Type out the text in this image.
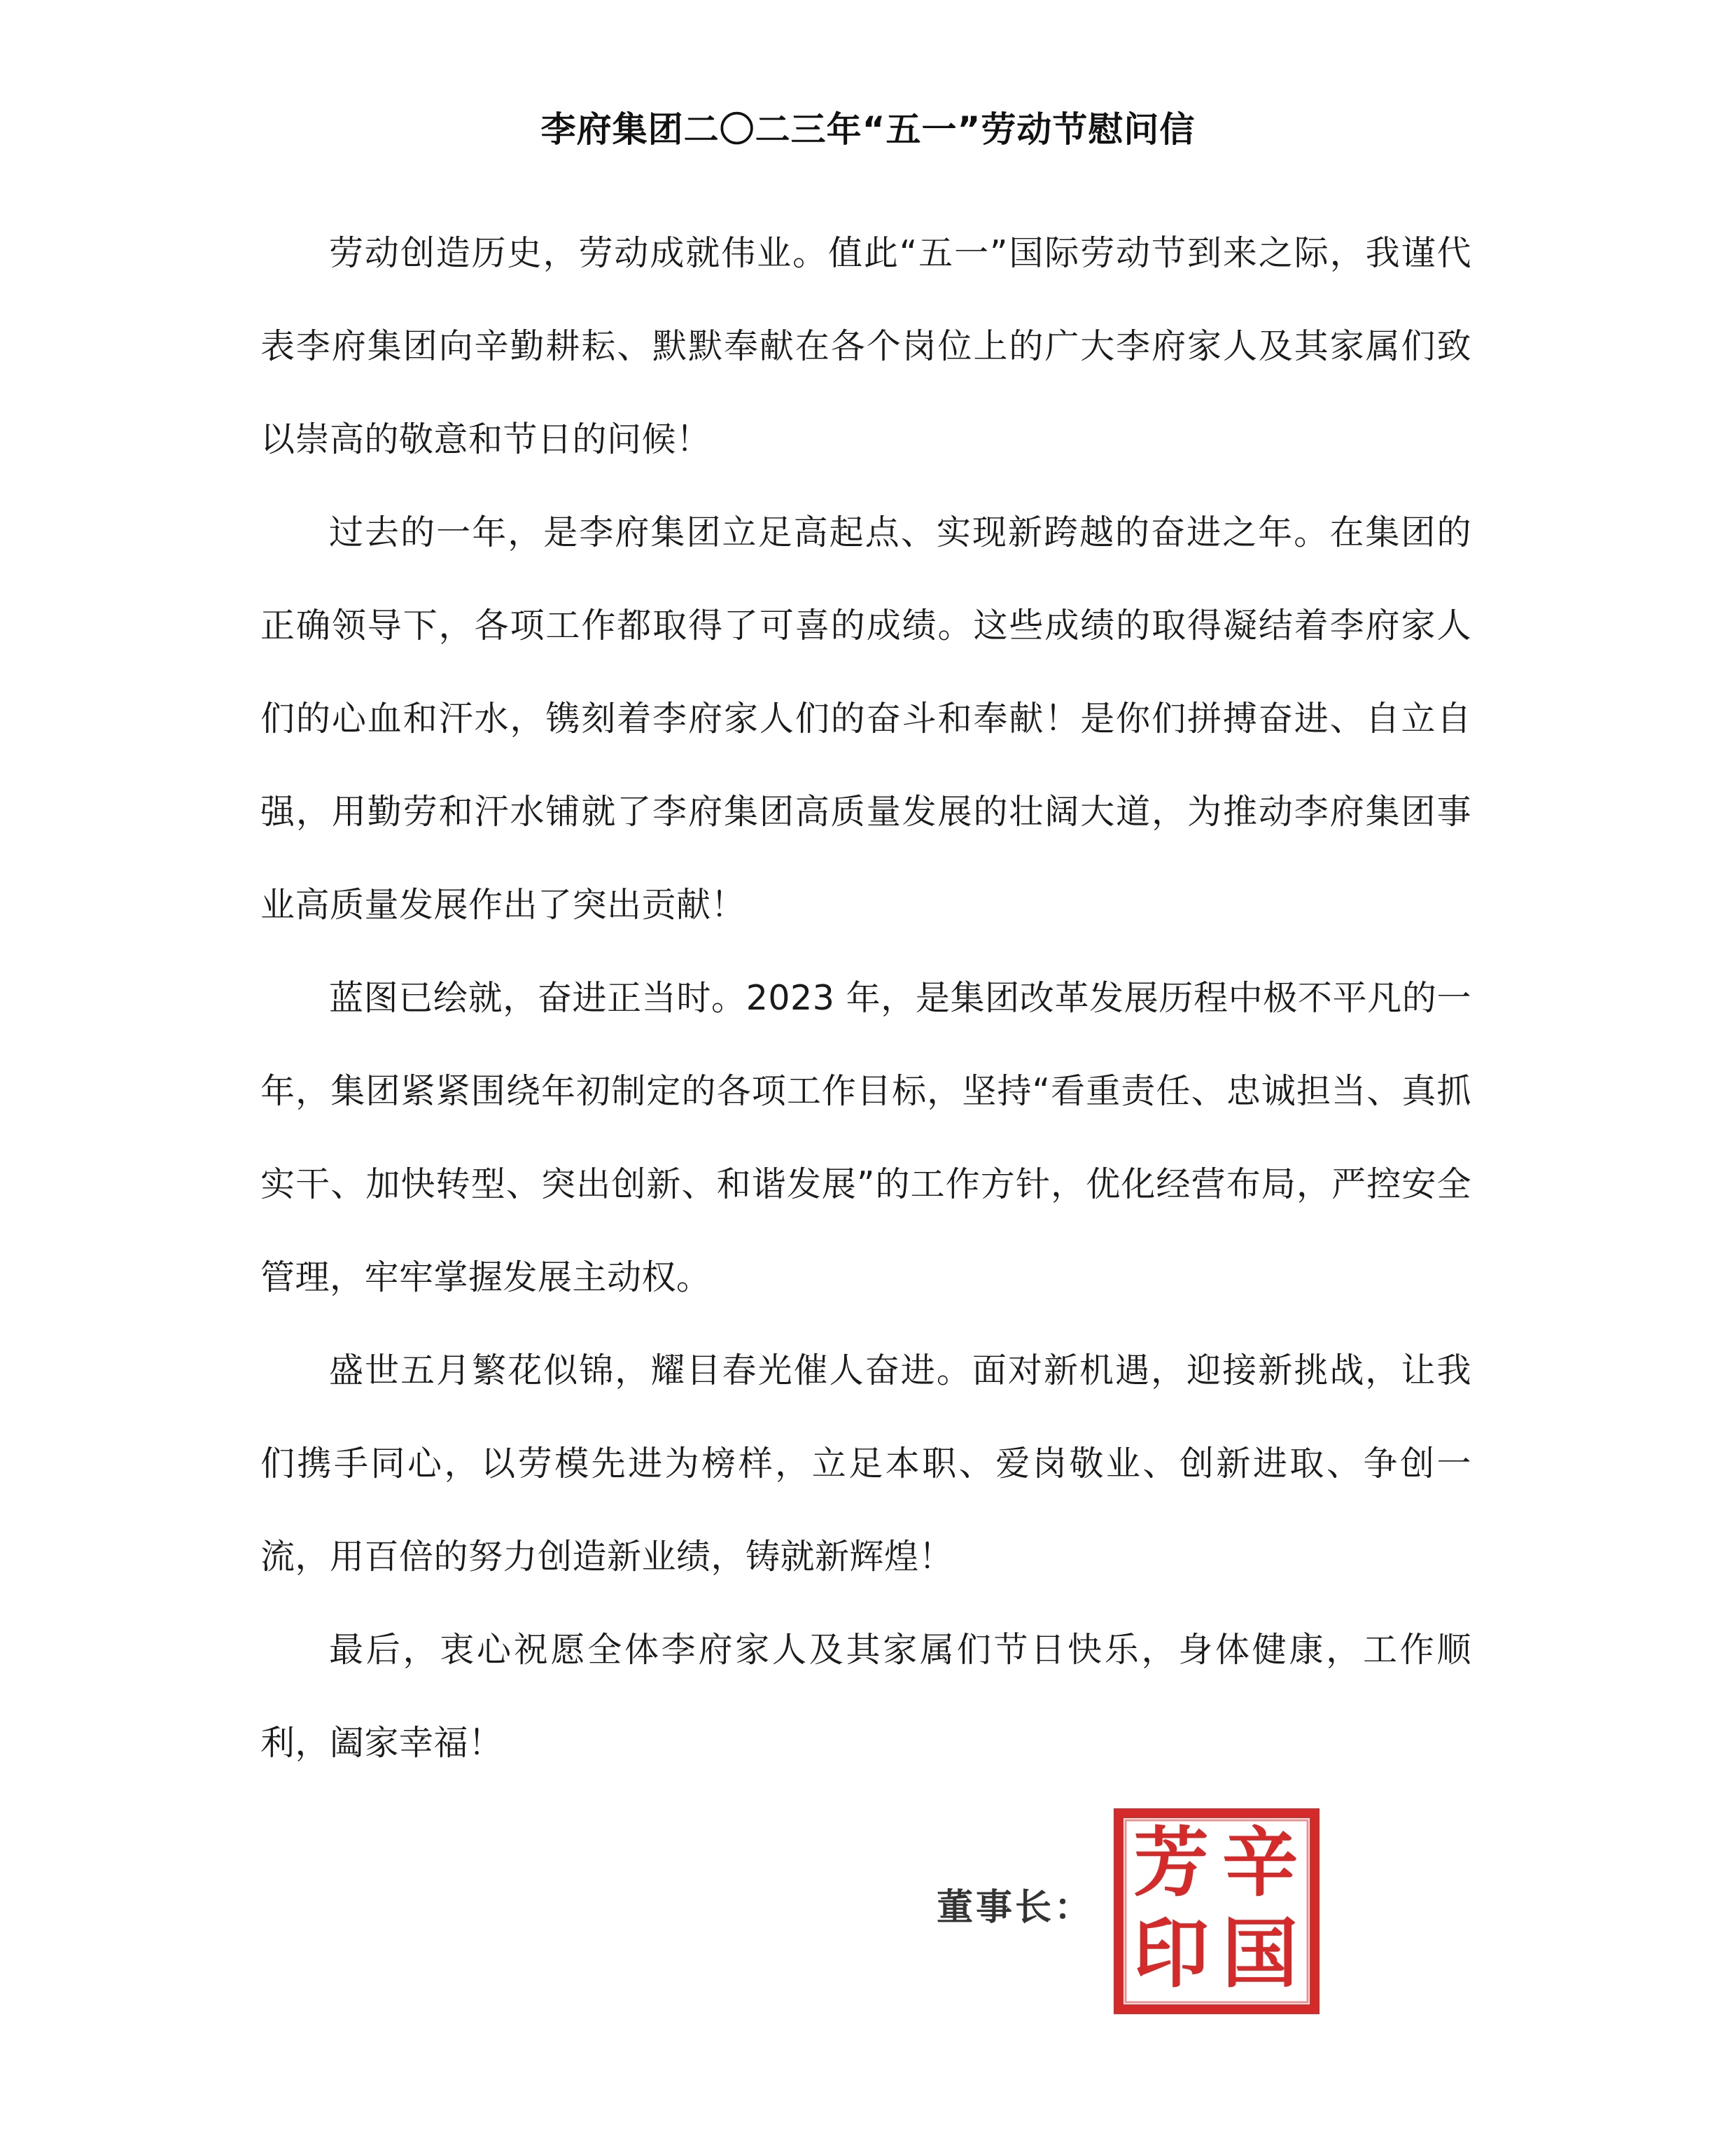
李府集团二〇二三年“五一”劳动节慰问信

劳动创造历史，劳动成就伟业。值此“五一”国际劳动节到来之际，我谨代表李府集团向辛勤耕耘、默默奉献在各个岗位上的广大李府家人及其家属们致以崇高的敬意和节日的问候！

过去的一年，是李府集团立足高起点、实现新跨越的奋进之年。在集团的正确领导下，各项工作都取得了可喜的成绩。这些成绩的取得凝结着李府家人们的心血和汗水，镌刻着李府家人们的奋斗和奉献！是你们拼搏奋进、自立自强，用勤劳和汗水铺就了李府集团高质量发展的壮阔大道，为推动李府集团事业高质量发展作出了突出贡献！

蓝图已绘就，奋进正当时。2023 年，是集团改革发展历程中极不平凡的一年，集团紧紧围绕年初制定的各项工作目标，坚持“看重责任、忠诚担当、真抓实干、加快转型、突出创新、和谐发展”的工作方针，优化经营布局，严控安全管理，牢牢掌握发展主动权。

盛世五月繁花似锦，耀目春光催人奋进。面对新机遇，迎接新挑战，让我们携手同心，以劳模先进为榜样，立足本职、爱岗敬业、创新进取、争创一流，用百倍的努力创造新业绩，铸就新辉煌！

最后，衷心祝愿全体李府家人及其家属们节日快乐，身体健康，工作顺利，阖家幸福！

董事长：
辛
芳
国
印
